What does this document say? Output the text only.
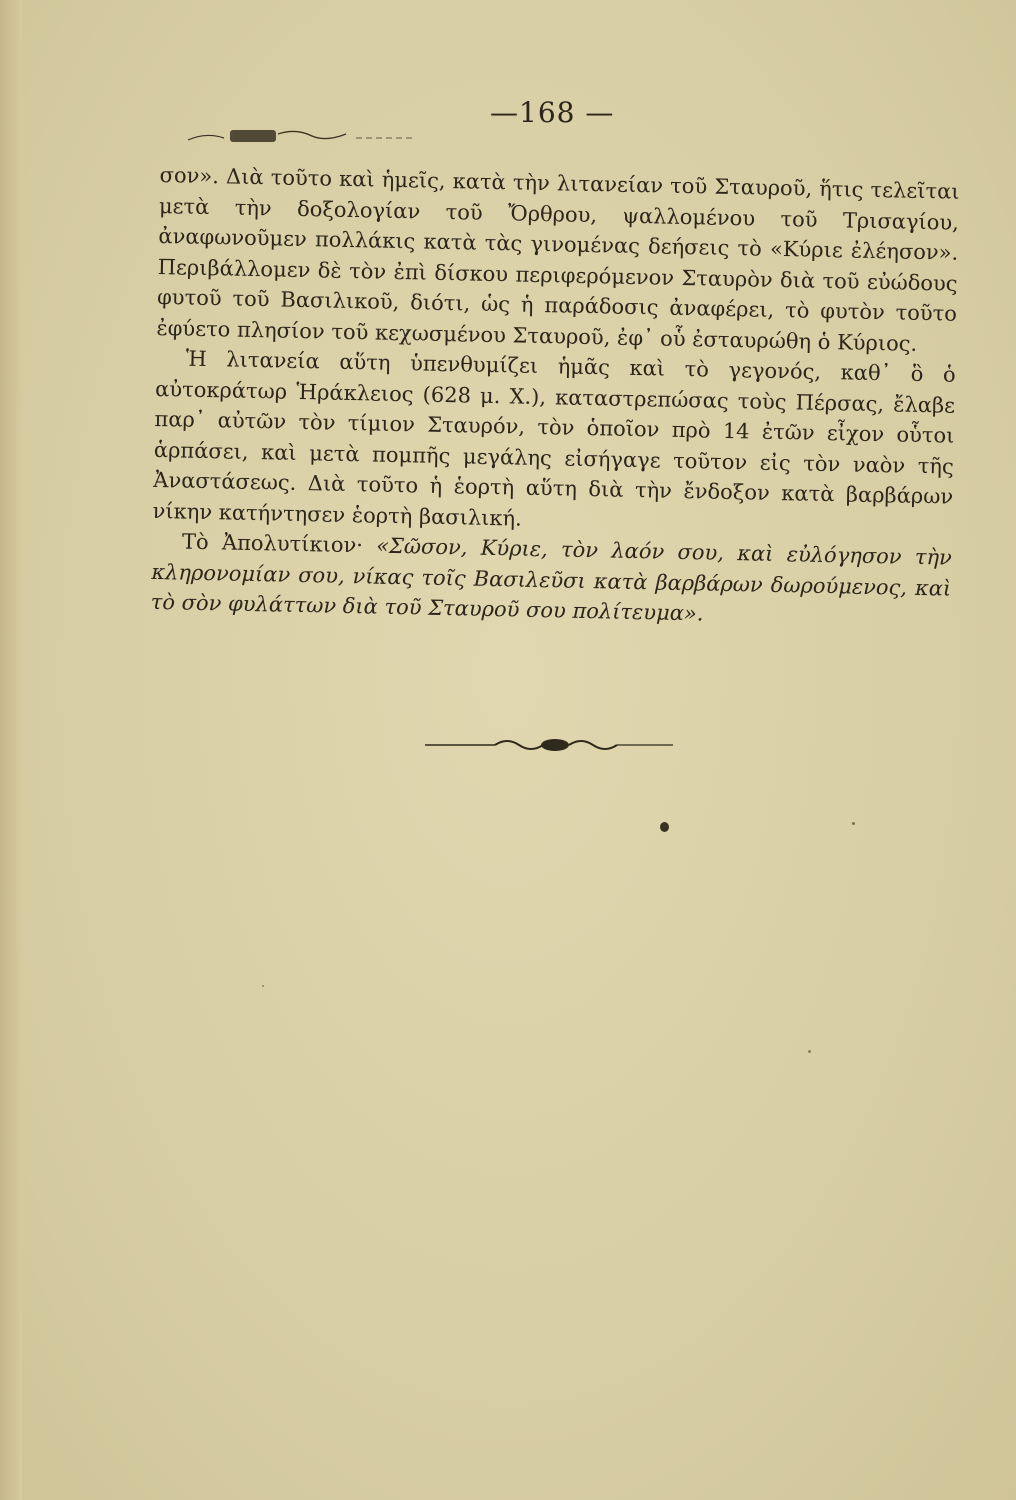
—168 —

σον». Διὰ τοῦτο καὶ ἡμεῖς, κατὰ τὴν λιτανείαν τοῦ Σταυροῦ, ἥτις τελεῖται μετὰ τὴν δοξολογίαν τοῦ Ὄρθρου, ψαλλομένου τοῦ Τρισαγίου, ἀναφωνοῦμεν πολλάκις κατὰ τὰς γινομένας δεήσεις τὸ «Κύριε ἐλέησον». Περιβάλλομεν δὲ τὸν ἐπὶ δίσκου περιφερόμενον Σταυρὸν διὰ τοῦ εὐώδους φυτοῦ τοῦ Βασιλικοῦ, διότι, ὡς ἡ παράδοσις ἀναφέρει, τὸ φυτὸν τοῦτο ἐφύετο πλησίον τοῦ κεχωσμένου Σταυροῦ, ἐφ᾽ οὗ ἐσταυρώθη ὁ Κύριος.

Ἡ λιτανεία αὕτη ὑπενθυμίζει ἡμᾶς καὶ τὸ γεγονός, καθ᾽ ὃ ὁ αὐτοκράτωρ Ἡράκλειος (628 μ. Χ.), καταστρεπώσας τοὺς Πέρσας, ἔλαβε παρ᾽ αὐτῶν τὸν τίμιον Σταυρόν, τὸν ὁποῖον πρὸ 14 ἐτῶν εἶχον οὗτοι ἁρπάσει, καὶ μετὰ πομπῆς μεγάλης εἰσήγαγε τοῦτον εἰς τὸν ναὸν τῆς Ἀναστάσεως. Διὰ τοῦτο ἡ ἑορτὴ αὕτη διὰ τὴν ἔνδοξον κατὰ βαρβάρων νίκην κατήντησεν ἑορτὴ βασιλική.

Τὸ Ἀπολυτίκιον· «Σῶσον, Κύριε, τὸν λαόν σου, καὶ εὐλόγησον τὴν κληρονομίαν σου, νίκας τοῖς Βασιλεῦσι κατὰ βαρβάρων δωρούμενος, καὶ τὸ σὸν φυλάττων διὰ τοῦ Σταυροῦ σου πολίτευμα».
